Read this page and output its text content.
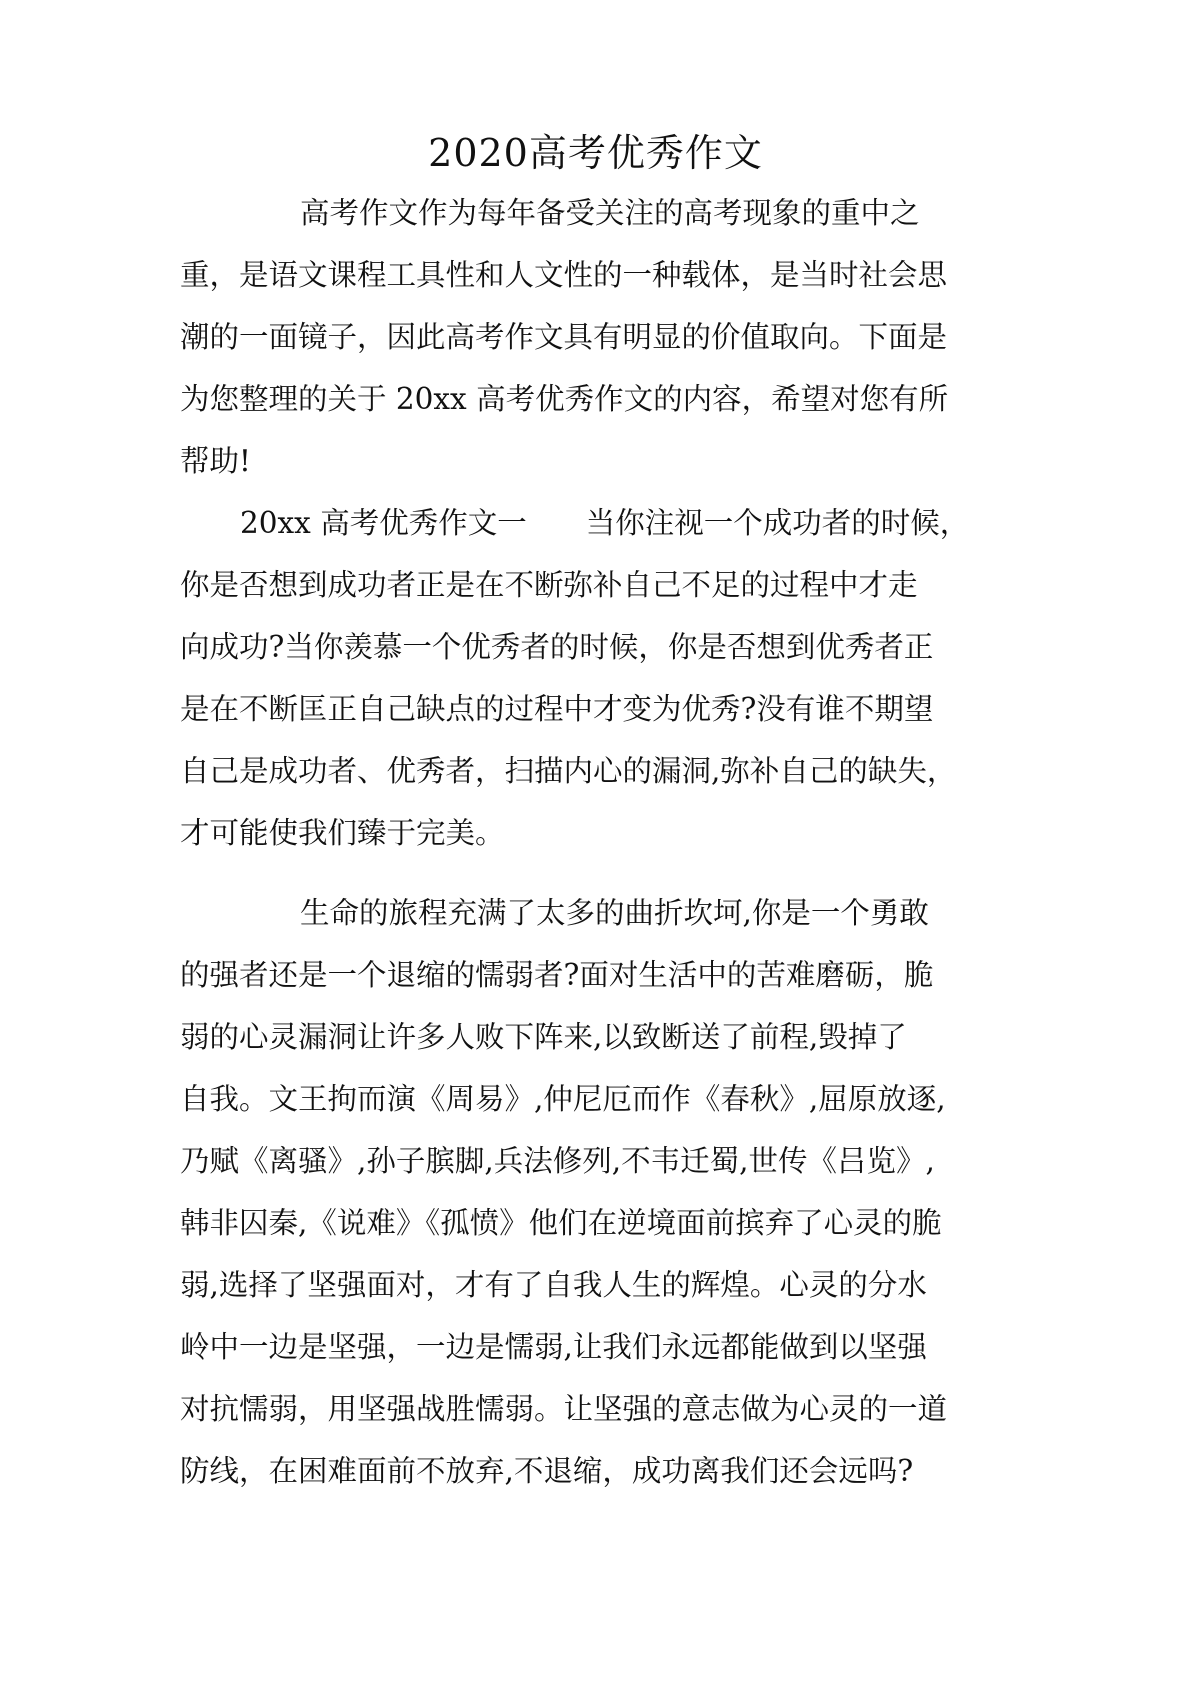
2020高考优秀作文

高考作文作为每年备受关注的高考现象的重中之

重，是语文课程工具性和人文性的一种载体，是当时社会思

潮的一面镜子，因此高考作文具有明显的价值取向。下面是

为您整理的关于 20xx 高考优秀作文的内容，希望对您有所

帮助!

20xx 高考优秀作文一　　当你注视一个成功者的时候，

你是否想到成功者正是在不断弥补自己不足的过程中才走

向成功?当你羡慕一个优秀者的时候，你是否想到优秀者正

是在不断匡正自己缺点的过程中才变为优秀?没有谁不期望

自己是成功者、优秀者，扫描内心的漏洞,弥补自己的缺失，

才可能使我们臻于完美。

生命的旅程充满了太多的曲折坎坷,你是一个勇敢

的强者还是一个退缩的懦弱者?面对生活中的苦难磨砺，脆

弱的心灵漏洞让许多人败下阵来,以致断送了前程,毁掉了

自我。文王拘而演《周易》,仲尼厄而作《春秋》,屈原放逐,

乃赋《离骚》,孙子膑脚,兵法修列,不韦迁蜀,世传《吕览》,

韩非囚秦,《说难》《孤愤》他们在逆境面前摈弃了心灵的脆

弱,选择了坚强面对，才有了自我人生的辉煌。心灵的分水

岭中一边是坚强，一边是懦弱,让我们永远都能做到以坚强

对抗懦弱，用坚强战胜懦弱。让坚强的意志做为心灵的一道

防线，在困难面前不放弃,不退缩，成功离我们还会远吗?
